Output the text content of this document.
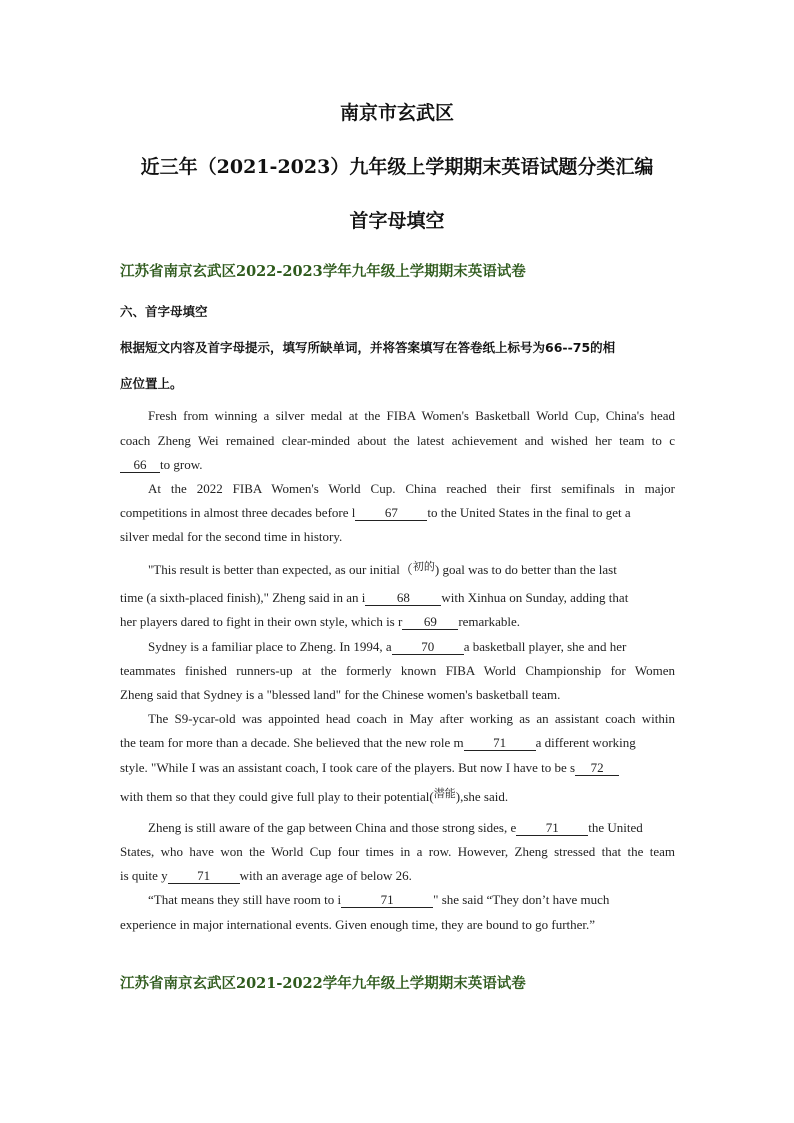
南京市玄武区
近三年（2021-2023）九年级上学期期末英语试题分类汇编
首字母填空
江苏省南京玄武区2022-2023学年九年级上学期期末英语试卷
六、首字母填空
根据短文内容及首字母提示，填写所缺单词，并将答案填写在答卷纸上标号为66--75的相
应位置上。
Fresh from winning a silver medal at the FIBA Women's Basketball World Cup, China's head
coach Zheng Wei remained clear-minded about the latest achievement and wished her team to c
66 to grow.
At the 2022 FIBA Women's World Cup. China reached their first semifinals in major
competitions in almost three decades before l 67 to the United States in the final to get a
silver medal for the second time in history.
"This result is better than expected, as our initial（$^{初的}$) goal was to do better than the last
time (a sixth-placed finish)," Zheng said in an i 68 with Xinhua on Sunday, adding that
her players dared to fight in their own style, which is r 69 remarkable.
Sydney is a familiar place to Zheng. In 1994, a 70 a basketball player, she and her
teammates finished runners-up at the formerly known FIBA World Championship for Women
Zheng said that Sydney is a "blessed land" for the Chinese women's basketball team.
The S9-ycar-old was appointed head coach in May after working as an assistant coach within
the team for more than a decade. She believed that the new role m 71 a different working
style. "While I was an assistant coach, I took care of the players. But now I have to be s 72
with them so that they could give full play to their potential($^{潜能}$),she said.
Zheng is still aware of the gap between China and those strong sides, e 71 the United
States, who have won the World Cup four times in a row. However, Zheng stressed that the team
is quite y 71 with an average age of below 26.
“That means they still have room to i	71	" she said “They don’t have much
experience in major international events. Given enough time, they are bound to go further.”
江苏省南京玄武区2021-2022学年九年级上学期期末英语试卷
